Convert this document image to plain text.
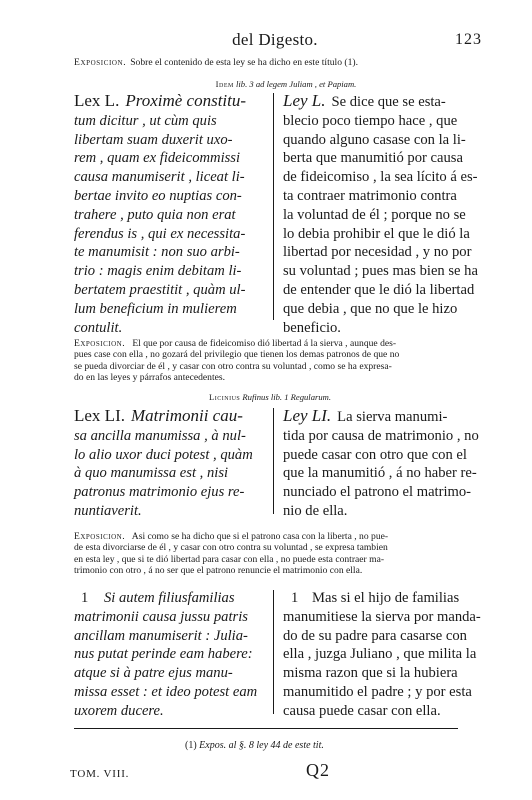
del Digesto.	123
Exposicion. Sobre el contenido de esta ley se ha dicho en este título (1).
Idem lib. 3 ad legem Juliam , et Papiam.
Lex L. Proximè constitu-
tum dicitur , ut cùm quis
libertam suam duxerit uxo-
rem , quam ex fideicommissi
causa manumiserit , liceat li-
bertae invito eo nuptias con-
trahere , puto quia non erat
ferendus is , qui ex necessita-
te manumisit : non suo arbi-
trio : magis enim debitam li-
bertatem praestitit , quàm ul-
lum beneficium in mulierem
contulit.
Ley L. Se dice que se esta-
blecio poco tiempo hace , que
quando alguno casase con la li-
berta que manumitió por causa
de fideicomiso , la sea lícito á es-
ta contraer matrimonio contra
la voluntad de él ; porque no se
lo debia prohibir el que le dió la
libertad por necesidad , y no por
su voluntad ; pues mas bien se ha
de entender que le dió la libertad
que debia , que no que le hizo
beneficio.
Exposicion. El que por causa de fideicomiso dió libertad á la sierva , aunque des-
pues case con ella , no gozará del privilegio que tienen los demas patronos de que no
se pueda divorciar de él , y casar con otro contra su voluntad , como se ha expresa-
do en las leyes y párrafos antecedentes.
Licinius Rufinus lib. 1 Regularum.
Lex LI. Matrimonii cau-
sa ancilla manumissa , à nul-
lo alio uxor duci potest , quàm
à quo manumissa est , nisi
patronus matrimonio ejus re-
nuntiaverit.
Ley LI. La sierva manumi-
tida por causa de matrimonio , no
puede casar con otro que con el
que la manumitió , á no haber re-
nunciado el patrono el matrimo-
nio de ella.
Exposicion. Asi como se ha dicho que si el patrono casa con la liberta , no pue-
de esta divorciarse de él , y casar con otro contra su voluntad , se expresa tambien
en esta ley , que si te dió libertad para casar con ella , no puede esta contraer ma-
trimonio con otro , á no ser que el patrono renuncie el matrimonio con ella.
1 Si autem filiusfamilias
matrimonii causa jussu patris
ancillam manumiserit : Julia-
nus putat perinde eam habere:
atque si à patre ejus manu-
missa esset : et ideo potest eam
uxorem ducere.
1 Mas si el hijo de familias
manumitiese la sierva por manda-
do de su padre para casarse con
ella , juzga Juliano , que milita la
misma razon que si la hubiera
manumitido el padre ; y por esta
causa puede casar con ella.
(1) Expos. al §. 8 ley 44 de este tit.
TOM. VIII.	Q2
